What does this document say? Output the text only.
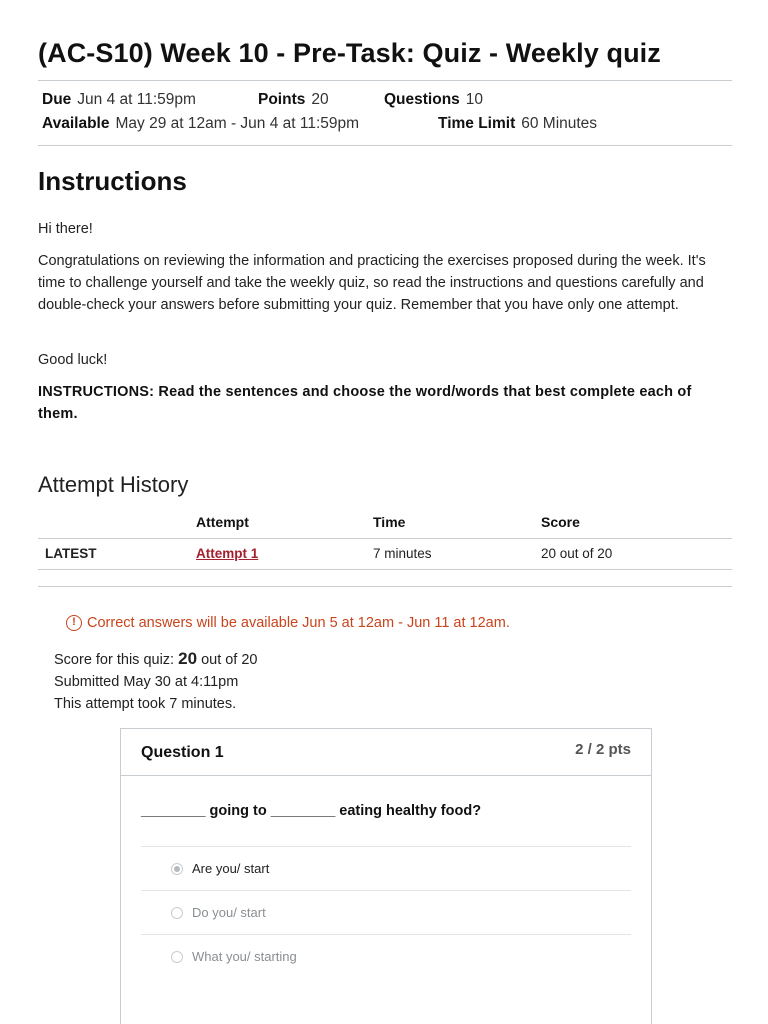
(AC-S10) Week 10 - Pre-Task: Quiz - Weekly quiz
Due Jun 4 at 11:59pm	Points 20	Questions 10
Available May 29 at 12am - Jun 4 at 11:59pm	Time Limit 60 Minutes
Instructions

Hi there!

Congratulations on reviewing the information and practicing the exercises proposed during the week. It's time to challenge yourself and take the weekly quiz, so read the instructions and questions carefully and double-check your answers before submitting your quiz. Remember that you have only one attempt.

Good luck!

INSTRUCTIONS: Read the sentences and choose the word/words that best complete each of them.

Attempt History
	Attempt	Time	Score
LATEST	Attempt 1	7 minutes	20 out of 20
! Correct answers will be available Jun 5 at 12am - Jun 11 at 12am.
Score for this quiz: 20 out of 20
Submitted May 30 at 4:11pm
This attempt took 7 minutes.
Question 1	2 / 2 pts
________ going to ________ eating healthy food?
Are you/ start
Do you/ start
What you/ starting
